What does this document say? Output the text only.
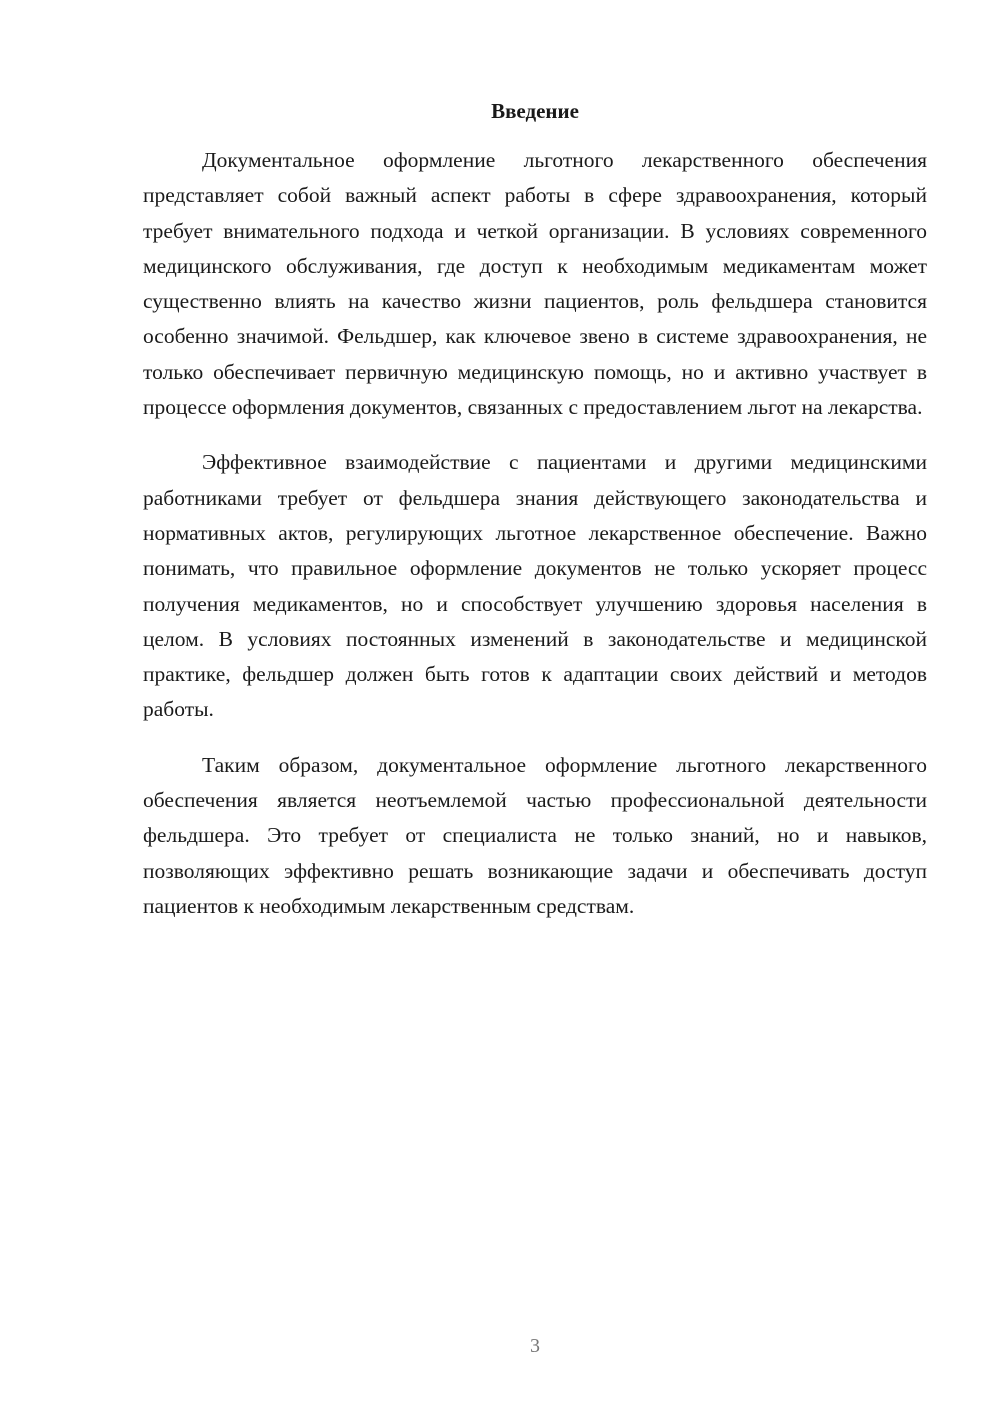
Введение

Документальное оформление льготного лекарственного обеспечения представляет собой важный аспект работы в сфере здравоохранения, который требует внимательного подхода и четкой организации. В условиях современного медицинского обслуживания, где доступ к необходимым медикаментам может существенно влиять на качество жизни пациентов, роль фельдшера становится особенно значимой. Фельдшер, как ключевое звено в системе здравоохранения, не только обеспечивает первичную медицинскую помощь, но и активно участвует в процессе оформления документов, связанных с предоставлением льгот на лекарства.

Эффективное взаимодействие с пациентами и другими медицинскими работниками требует от фельдшера знания действующего законодательства и нормативных актов, регулирующих льготное лекарственное обеспечение. Важно понимать, что правильное оформление документов не только ускоряет процесс получения медикаментов, но и способствует улучшению здоровья населения в целом. В условиях постоянных изменений в законодательстве и медицинской практике, фельдшер должен быть готов к адаптации своих действий и методов работы.

Таким образом, документальное оформление льготного лекарственного обеспечения является неотъемлемой частью профессиональной деятельности фельдшера. Это требует от специалиста не только знаний, но и навыков, позволяющих эффективно решать возникающие задачи и обеспечивать доступ пациентов к необходимым лекарственным средствам.

3
